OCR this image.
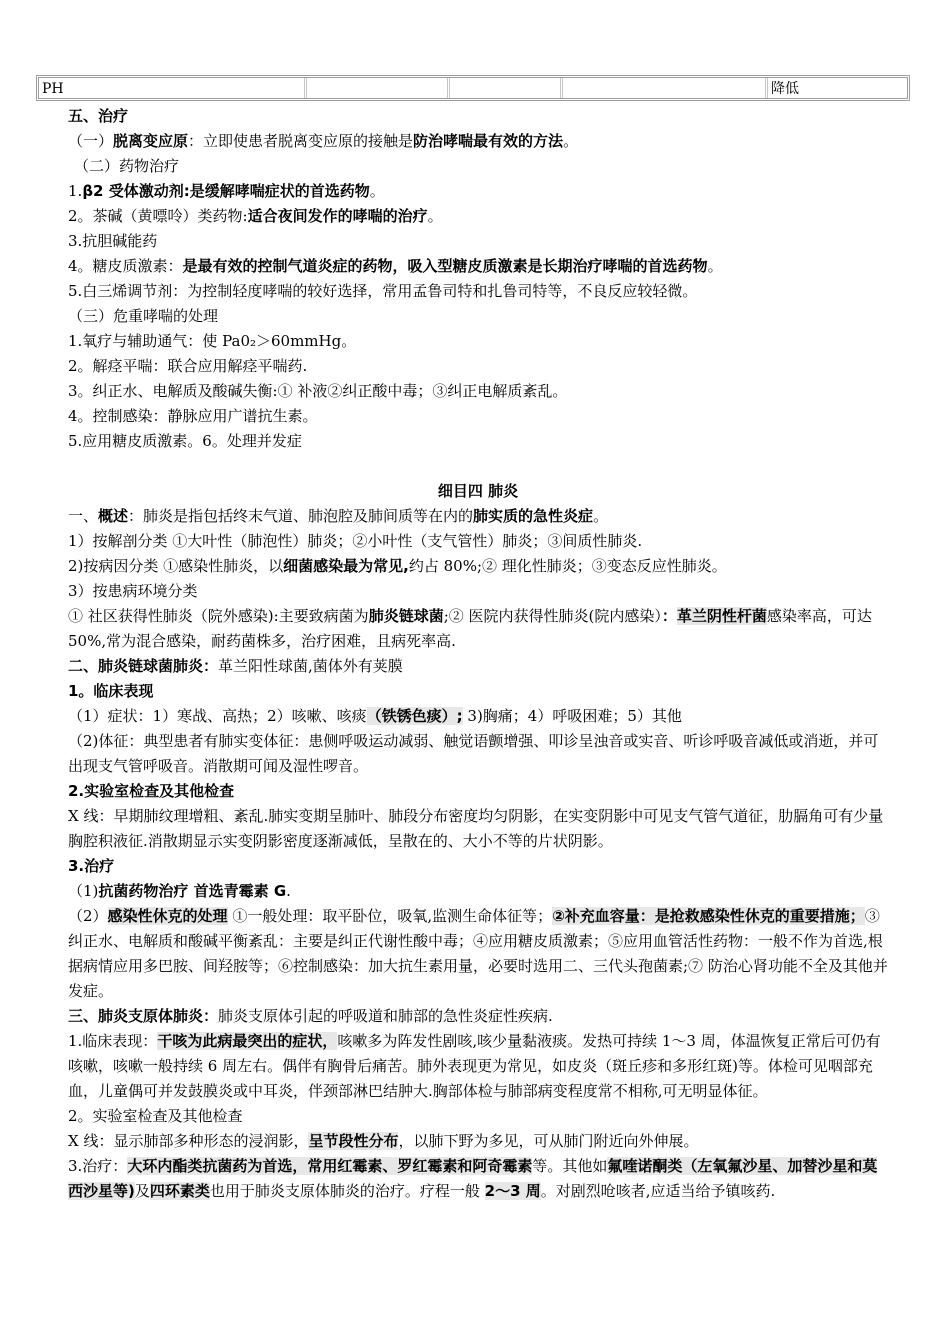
PH	降低
五、治疗
（一）脱离变应原：立即使患者脱离变应原的接触是防治哮喘最有效的方法。
（二）药物治疗
1.β2 受体激动剂:是缓解哮喘症状的首选药物。
2。茶碱（黄嘌呤）类药物:适合夜间发作的哮喘的治疗。
3.抗胆碱能药
4。糖皮质激素：是最有效的控制气道炎症的药物，吸入型糖皮质激素是长期治疗哮喘的首选药物。
5.白三烯调节剂：为控制轻度哮喘的较好选择，常用孟鲁司特和扎鲁司特等，不良反应较轻微。
（三）危重哮喘的处理
1.氧疗与辅助通气：使 Pa0₂＞60mmHg。
2。解痉平喘：联合应用解痉平喘药.
3。纠正水、电解质及酸碱失衡:① 补液②纠正酸中毒；③纠正电解质紊乱。
4。控制感染：静脉应用广谱抗生素。
5.应用糖皮质激素。6。处理并发症
细目四 肺炎
一、概述：肺炎是指包括终末气道、肺泡腔及肺间质等在内的肺实质的急性炎症。
1）按解剖分类 ①大叶性（肺泡性）肺炎；②小叶性（支气管性）肺炎；③间质性肺炎.
2)按病因分类 ①感染性肺炎，以细菌感染最为常见,约占 80%;② 理化性肺炎；③变态反应性肺炎。
3）按患病环境分类
① 社区获得性肺炎（院外感染):主要致病菌为肺炎链球菌;② 医院内获得性肺炎(院内感染）：革兰阴性杆菌感染率高，可达 50%,常为混合感染，耐药菌株多，治疗困难，且病死率高.
二、肺炎链球菌肺炎：革兰阳性球菌,菌体外有荚膜
1。临床表现
（1）症状：1）寒战、高热；2）咳嗽、咳痰（铁锈色痰）; 3)胸痛；4）呼吸困难；5）其他
（2)体征：典型患者有肺实变体征：患侧呼吸运动减弱、触觉语颤增强、叩诊呈浊音或实音、听诊呼吸音减低或消逝，并可出现支气管呼吸音。消散期可闻及湿性啰音。
2.实验室检查及其他检查
X 线：早期肺纹理增粗、紊乱.肺实变期呈肺叶、肺段分布密度均匀阴影，在实变阴影中可见支气管气道征，肋膈角可有少量胸腔积液征.消散期显示实变阴影密度逐渐减低，呈散在的、大小不等的片状阴影。
3.治疗
（1)抗菌药物治疗 首选青霉素 G.
（2）感染性休克的处理 ①一般处理：取平卧位，吸氧,监测生命体征等；②补充血容量：是抢救感染性休克的重要措施；③纠正水、电解质和酸碱平衡紊乱：主要是纠正代谢性酸中毒；④应用糖皮质激素；⑤应用血管活性药物：一般不作为首选,根据病情应用多巴胺、间羟胺等；⑥控制感染：加大抗生素用量，必要时选用二、三代头孢菌素;⑦ 防治心肾功能不全及其他并发症。
三、肺炎支原体肺炎：肺炎支原体引起的呼吸道和肺部的急性炎症性疾病.
1.临床表现：干咳为此病最突出的症状，咳嗽多为阵发性剧咳,咳少量黏液痰。发热可持续 1～3 周，体温恢复正常后可仍有咳嗽，咳嗽一般持续 6 周左右。偶伴有胸骨后痛苦。肺外表现更为常见，如皮炎（斑丘疹和多形红斑)等。体检可见咽部充血，儿童偶可并发鼓膜炎或中耳炎，伴颈部淋巴结肿大.胸部体检与肺部病变程度常不相称,可无明显体征。
2。实验室检查及其他检查
X 线：显示肺部多种形态的浸润影，呈节段性分布，以肺下野为多见，可从肺门附近向外伸展。
3.治疗：大环内酯类抗菌药为首选，常用红霉素、罗红霉素和阿奇霉素等。其他如氟喹诺酮类（左氧氟沙星、加替沙星和莫西沙星等)及四环素类也用于肺炎支原体肺炎的治疗。疗程一般 2～3 周。对剧烈呛咳者,应适当给予镇咳药.
